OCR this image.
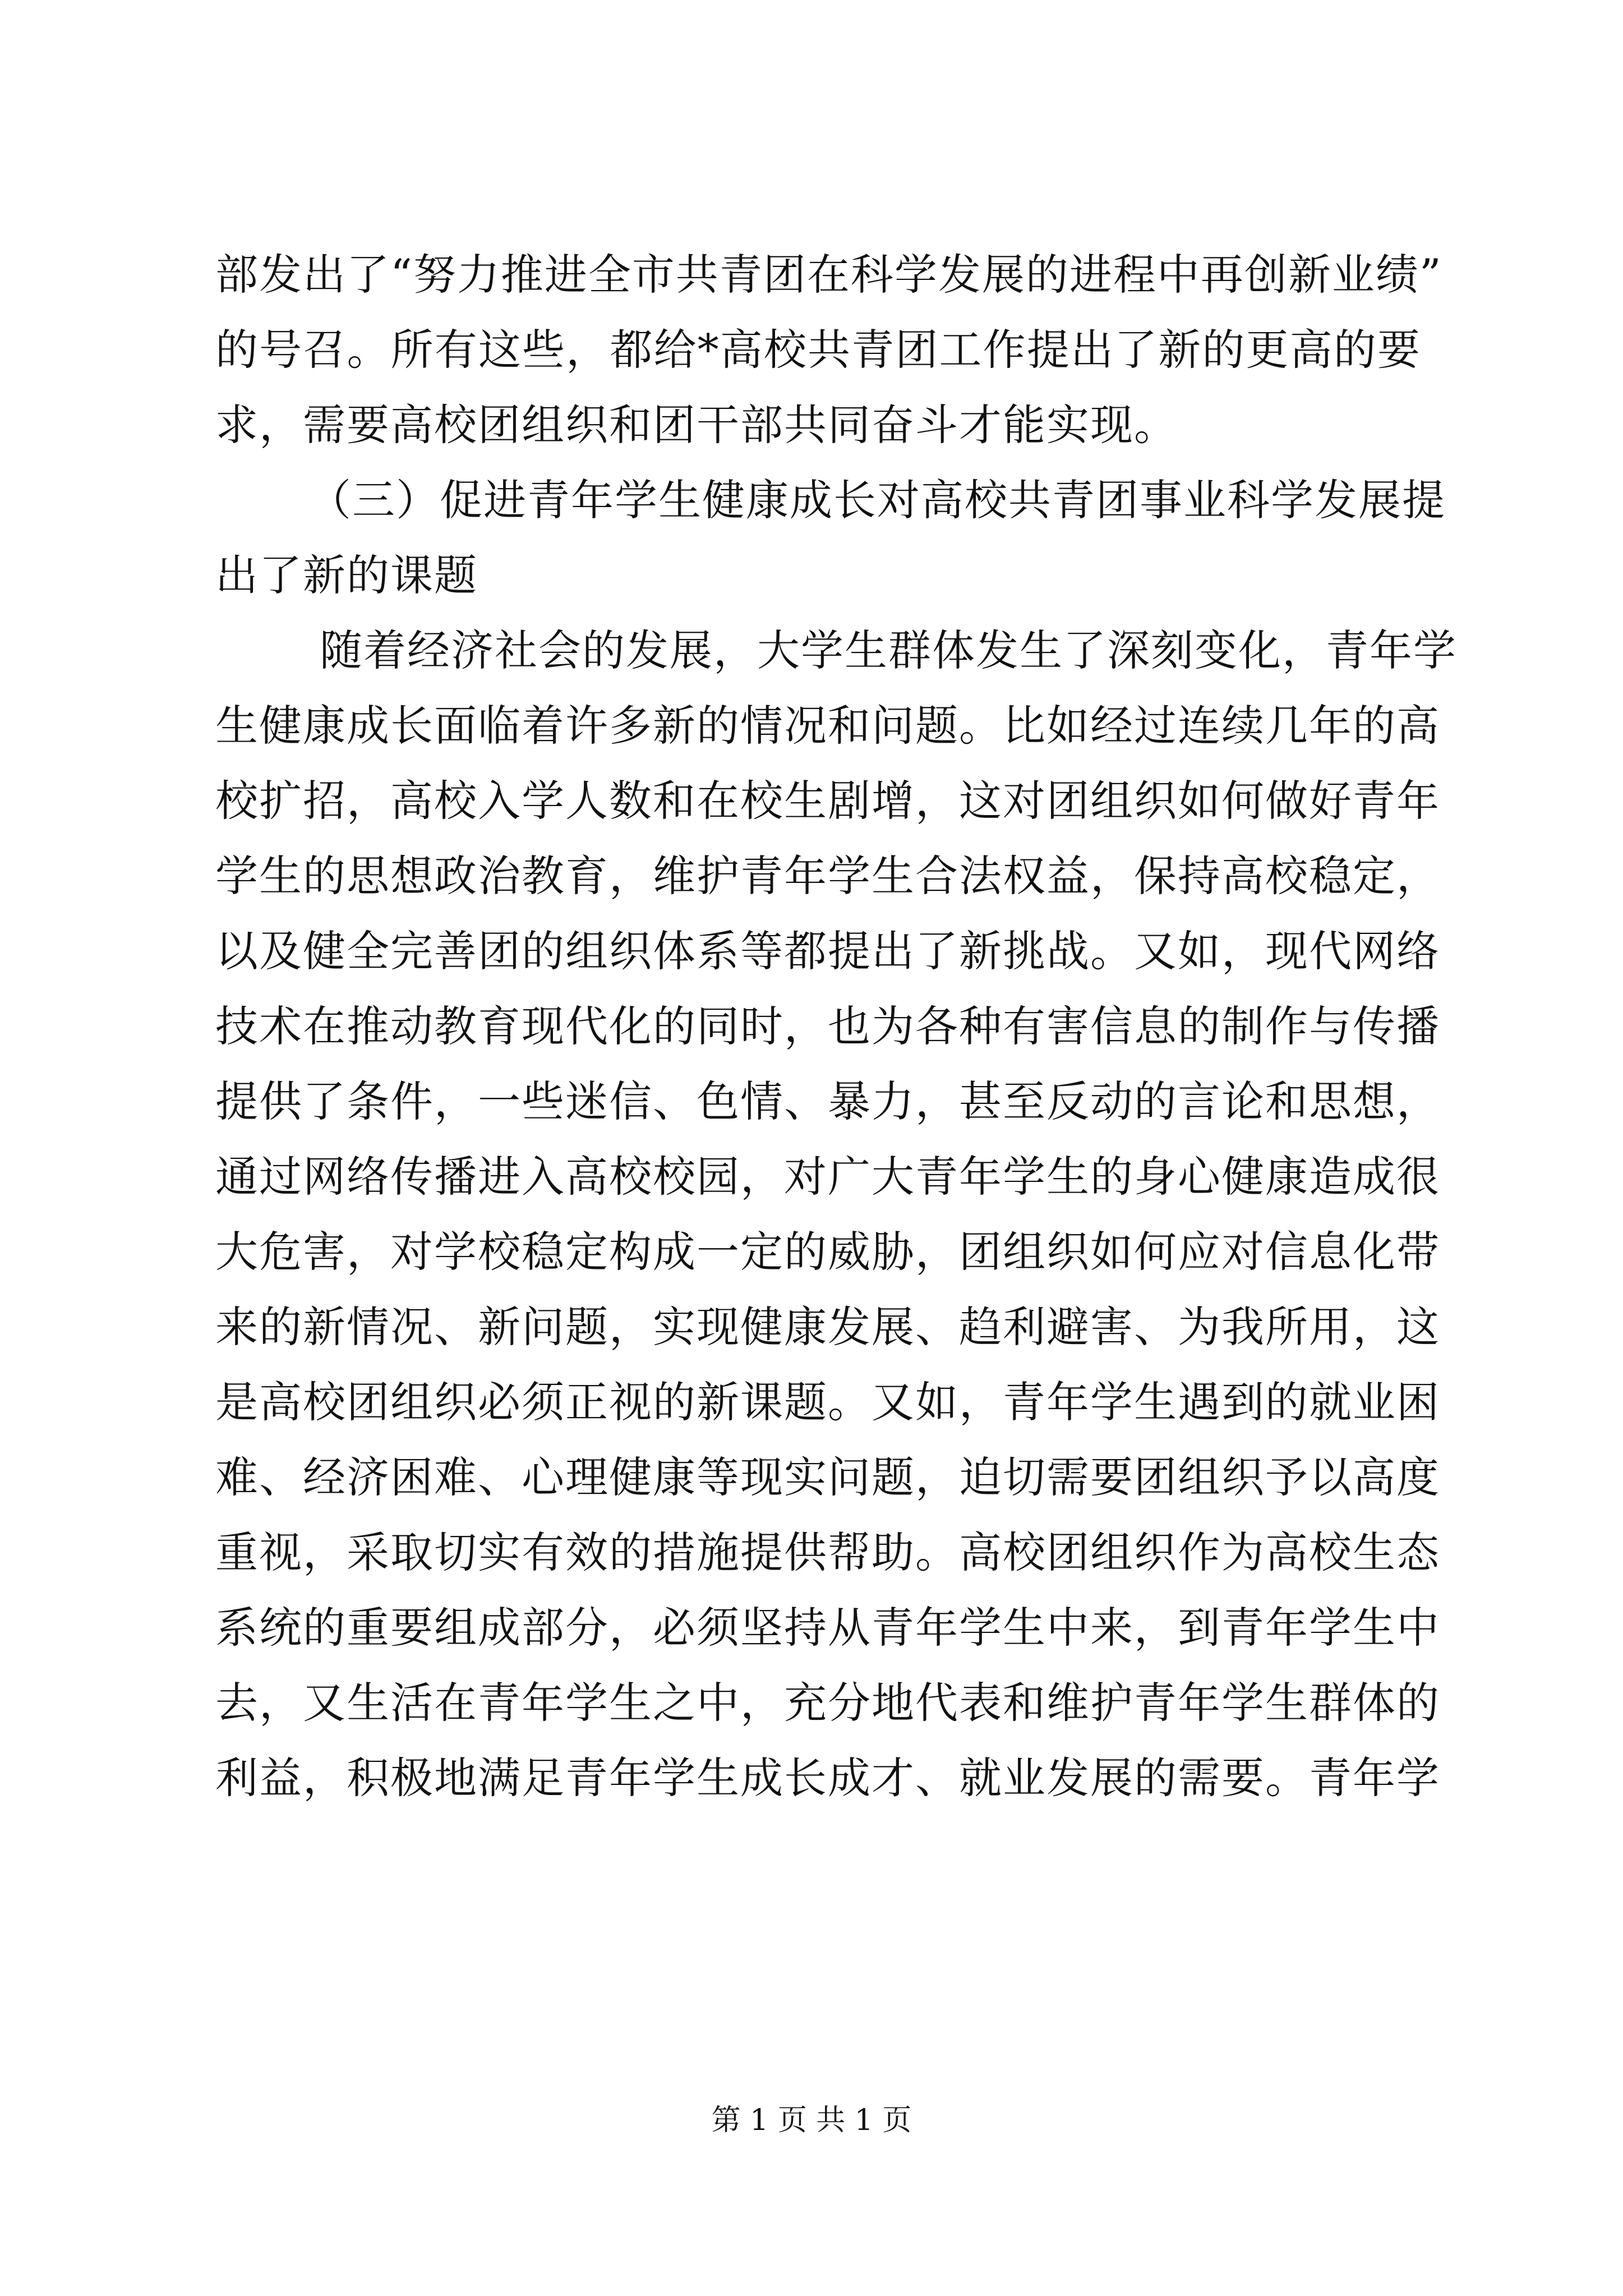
部发出了“努力推进全市共青团在科学发展的进程中再创新业绩”
的号召。所有这些，都给*高校共青团工作提出了新的更高的要
求，需要高校团组织和团干部共同奋斗才能实现。
（三）促进青年学生健康成长对高校共青团事业科学发展提
出了新的课题
随着经济社会的发展，大学生群体发生了深刻变化，青年学
生健康成长面临着许多新的情况和问题。比如经过连续几年的高
校扩招，高校入学人数和在校生剧增，这对团组织如何做好青年
学生的思想政治教育，维护青年学生合法权益，保持高校稳定，
以及健全完善团的组织体系等都提出了新挑战。又如，现代网络
技术在推动教育现代化的同时，也为各种有害信息的制作与传播
提供了条件，一些迷信、色情、暴力，甚至反动的言论和思想，
通过网络传播进入高校校园，对广大青年学生的身心健康造成很
大危害，对学校稳定构成一定的威胁，团组织如何应对信息化带
来的新情况、新问题，实现健康发展、趋利避害、为我所用，这
是高校团组织必须正视的新课题。又如，青年学生遇到的就业困
难、经济困难、心理健康等现实问题，迫切需要团组织予以高度
重视，采取切实有效的措施提供帮助。高校团组织作为高校生态
系统的重要组成部分，必须坚持从青年学生中来，到青年学生中
去，又生活在青年学生之中，充分地代表和维护青年学生群体的
利益，积极地满足青年学生成长成才、就业发展的需要。青年学
第 1 页 共 1 页
